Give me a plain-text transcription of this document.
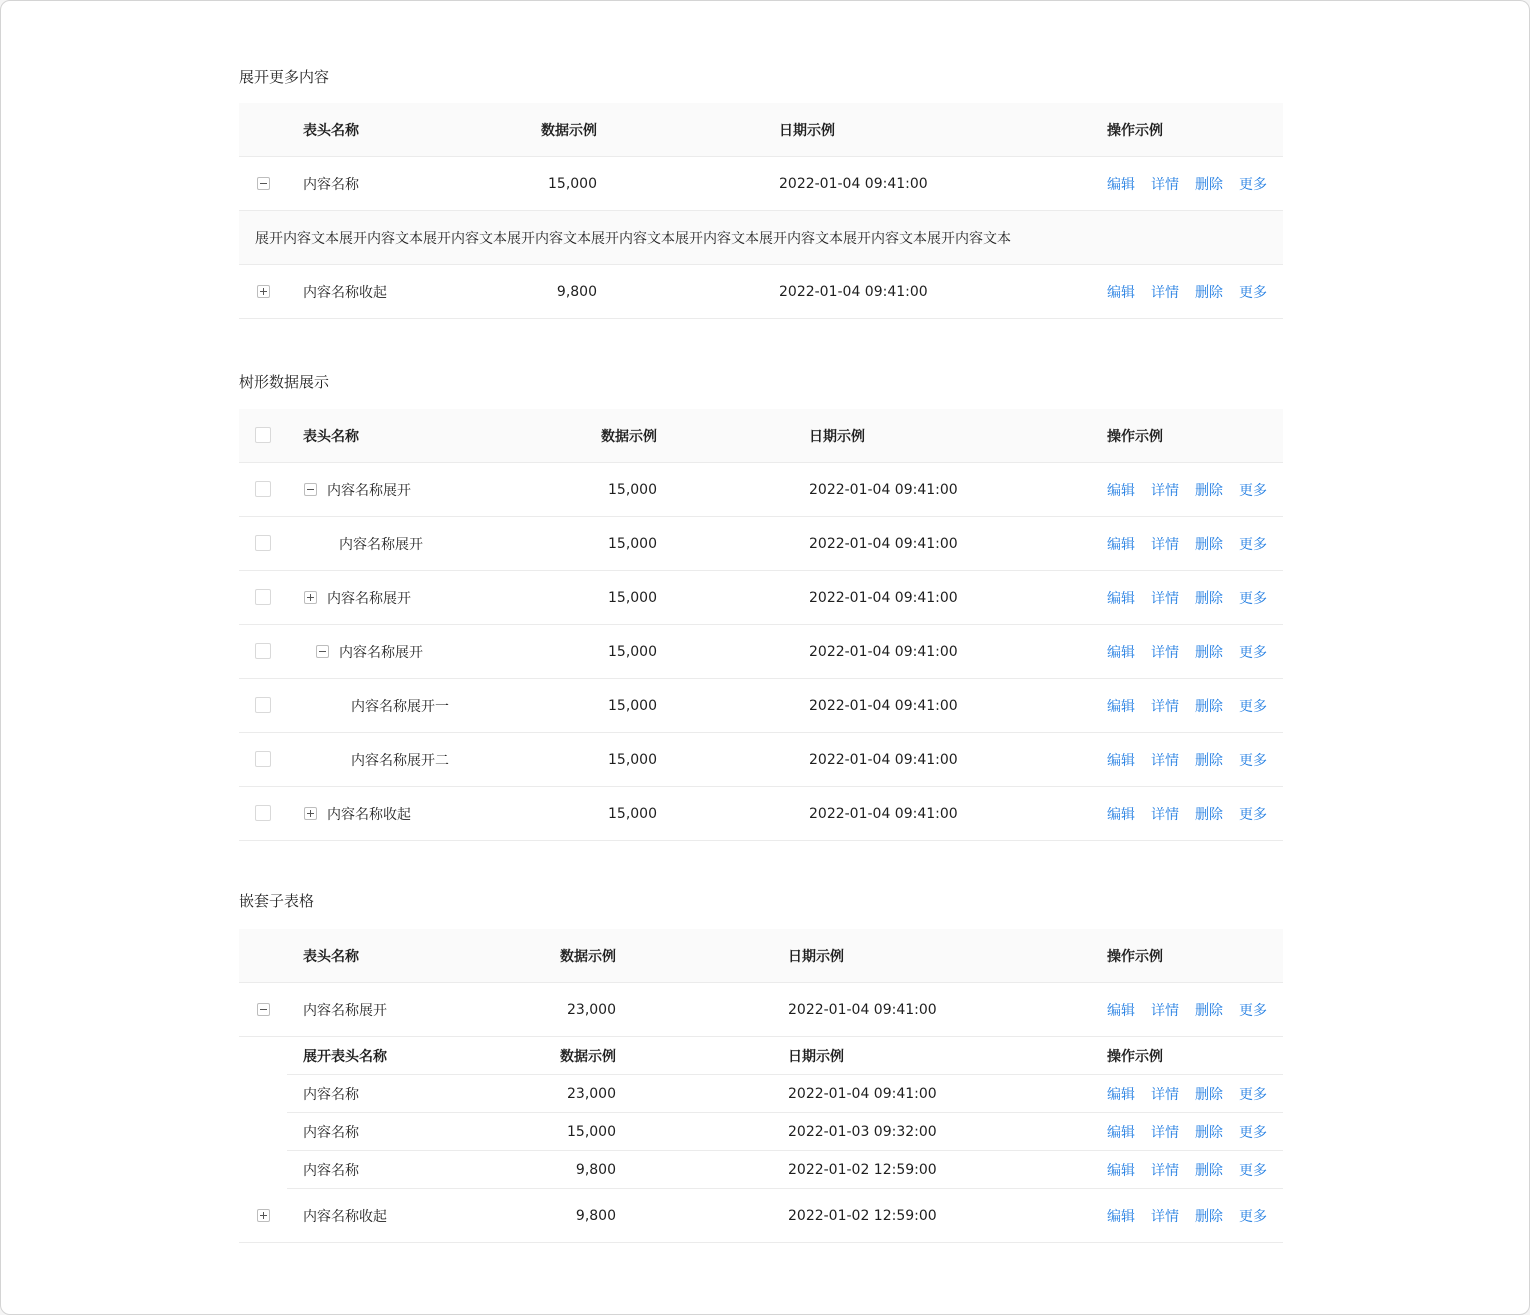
展开更多内容
表头名称	数据示例	日期示例	操作示例
内容名称	15,000	2022-01-04 09:41:00	编辑 详情 删除 更多
展开内容文本展开内容文本展开内容文本展开内容文本展开内容文本展开内容文本展开内容文本展开内容文本展开内容文本
内容名称收起	9,800	2022-01-04 09:41:00	编辑 详情 删除 更多
树形数据展示
表头名称	数据示例	日期示例	操作示例
内容名称展开	15,000	2022-01-04 09:41:00	编辑 详情 删除 更多
内容名称展开	15,000	2022-01-04 09:41:00	编辑 详情 删除 更多
内容名称展开	15,000	2022-01-04 09:41:00	编辑 详情 删除 更多
内容名称展开	15,000	2022-01-04 09:41:00	编辑 详情 删除 更多
内容名称展开一	15,000	2022-01-04 09:41:00	编辑 详情 删除 更多
内容名称展开二	15,000	2022-01-04 09:41:00	编辑 详情 删除 更多
内容名称收起	15,000	2022-01-04 09:41:00	编辑 详情 删除 更多
嵌套子表格
表头名称	数据示例	日期示例	操作示例
内容名称展开	23,000	2022-01-04 09:41:00	编辑 详情 删除 更多
展开表头名称	数据示例	日期示例	操作示例
内容名称	23,000	2022-01-04 09:41:00	编辑 详情 删除 更多
内容名称	15,000	2022-01-03 09:32:00	编辑 详情 删除 更多
内容名称	9,800	2022-01-02 12:59:00	编辑 详情 删除 更多
内容名称收起	9,800	2022-01-02 12:59:00	编辑 详情 删除 更多
